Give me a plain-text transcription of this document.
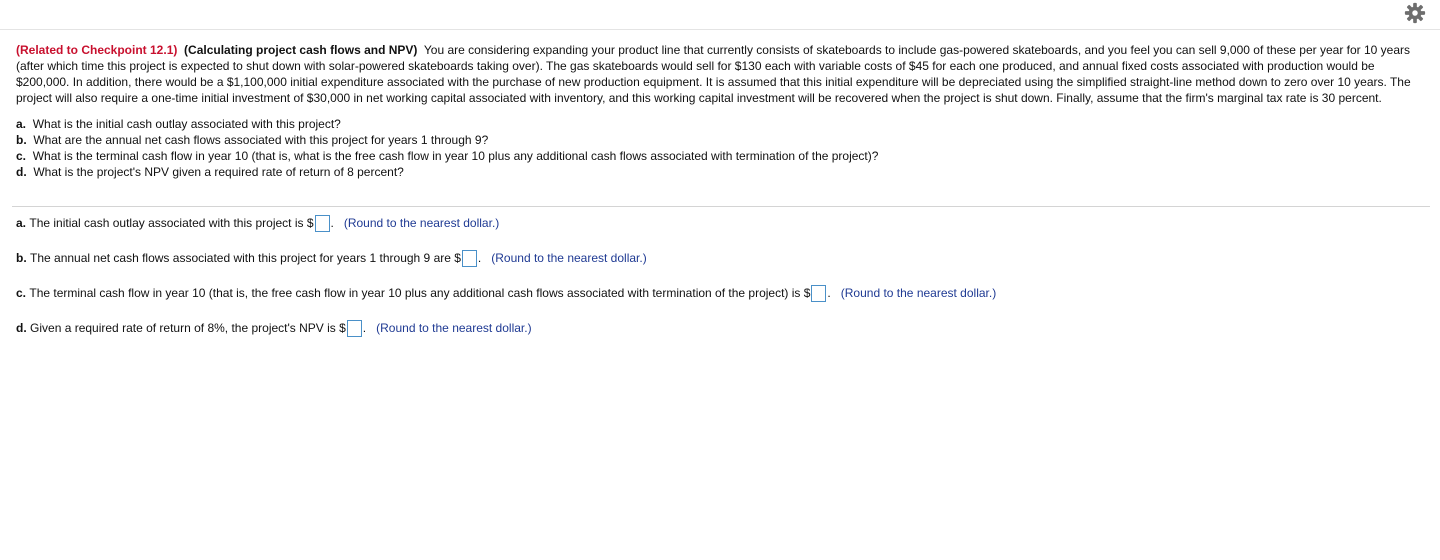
(Related to Checkpoint 12.1) (Calculating project cash flows and NPV) You are considering expanding your product line that currently consists of skateboards to include gas-powered skateboards, and you feel you can sell 9,000 of these per year for 10 years (after which time this project is expected to shut down with solar-powered skateboards taking over). The gas skateboards would sell for $130 each with variable costs of $45 for each one produced, and annual fixed costs associated with production would be $200,000. In addition, there would be a $1,100,000 initial expenditure associated with the purchase of new production equipment. It is assumed that this initial expenditure will be depreciated using the simplified straight-line method down to zero over 10 years. The project will also require a one-time initial investment of $30,000 in net working capital associated with inventory, and this working capital investment will be recovered when the project is shut down. Finally, assume that the firm's marginal tax rate is 30 percent.

a. What is the initial cash outlay associated with this project?
b. What are the annual net cash flows associated with this project for years 1 through 9?
c. What is the terminal cash flow in year 10 (that is, what is the free cash flow in year 10 plus any additional cash flows associated with termination of the project)?
d. What is the project's NPV given a required rate of return of 8 percent?
a.
The initial cash outlay associated with this project is $ . (Round to the nearest dollar.)
b.
The annual net cash flows associated with this project for years 1 through 9 are $ . (Round to the nearest dollar.)
c.
The terminal cash flow in year 10 (that is, the free cash flow in year 10 plus any additional cash flows associated with termination of the project) is $ . (Round to the nearest dollar.)
d.
Given a required rate of return of 8%, the project's NPV is $ . (Round to the nearest dollar.)
